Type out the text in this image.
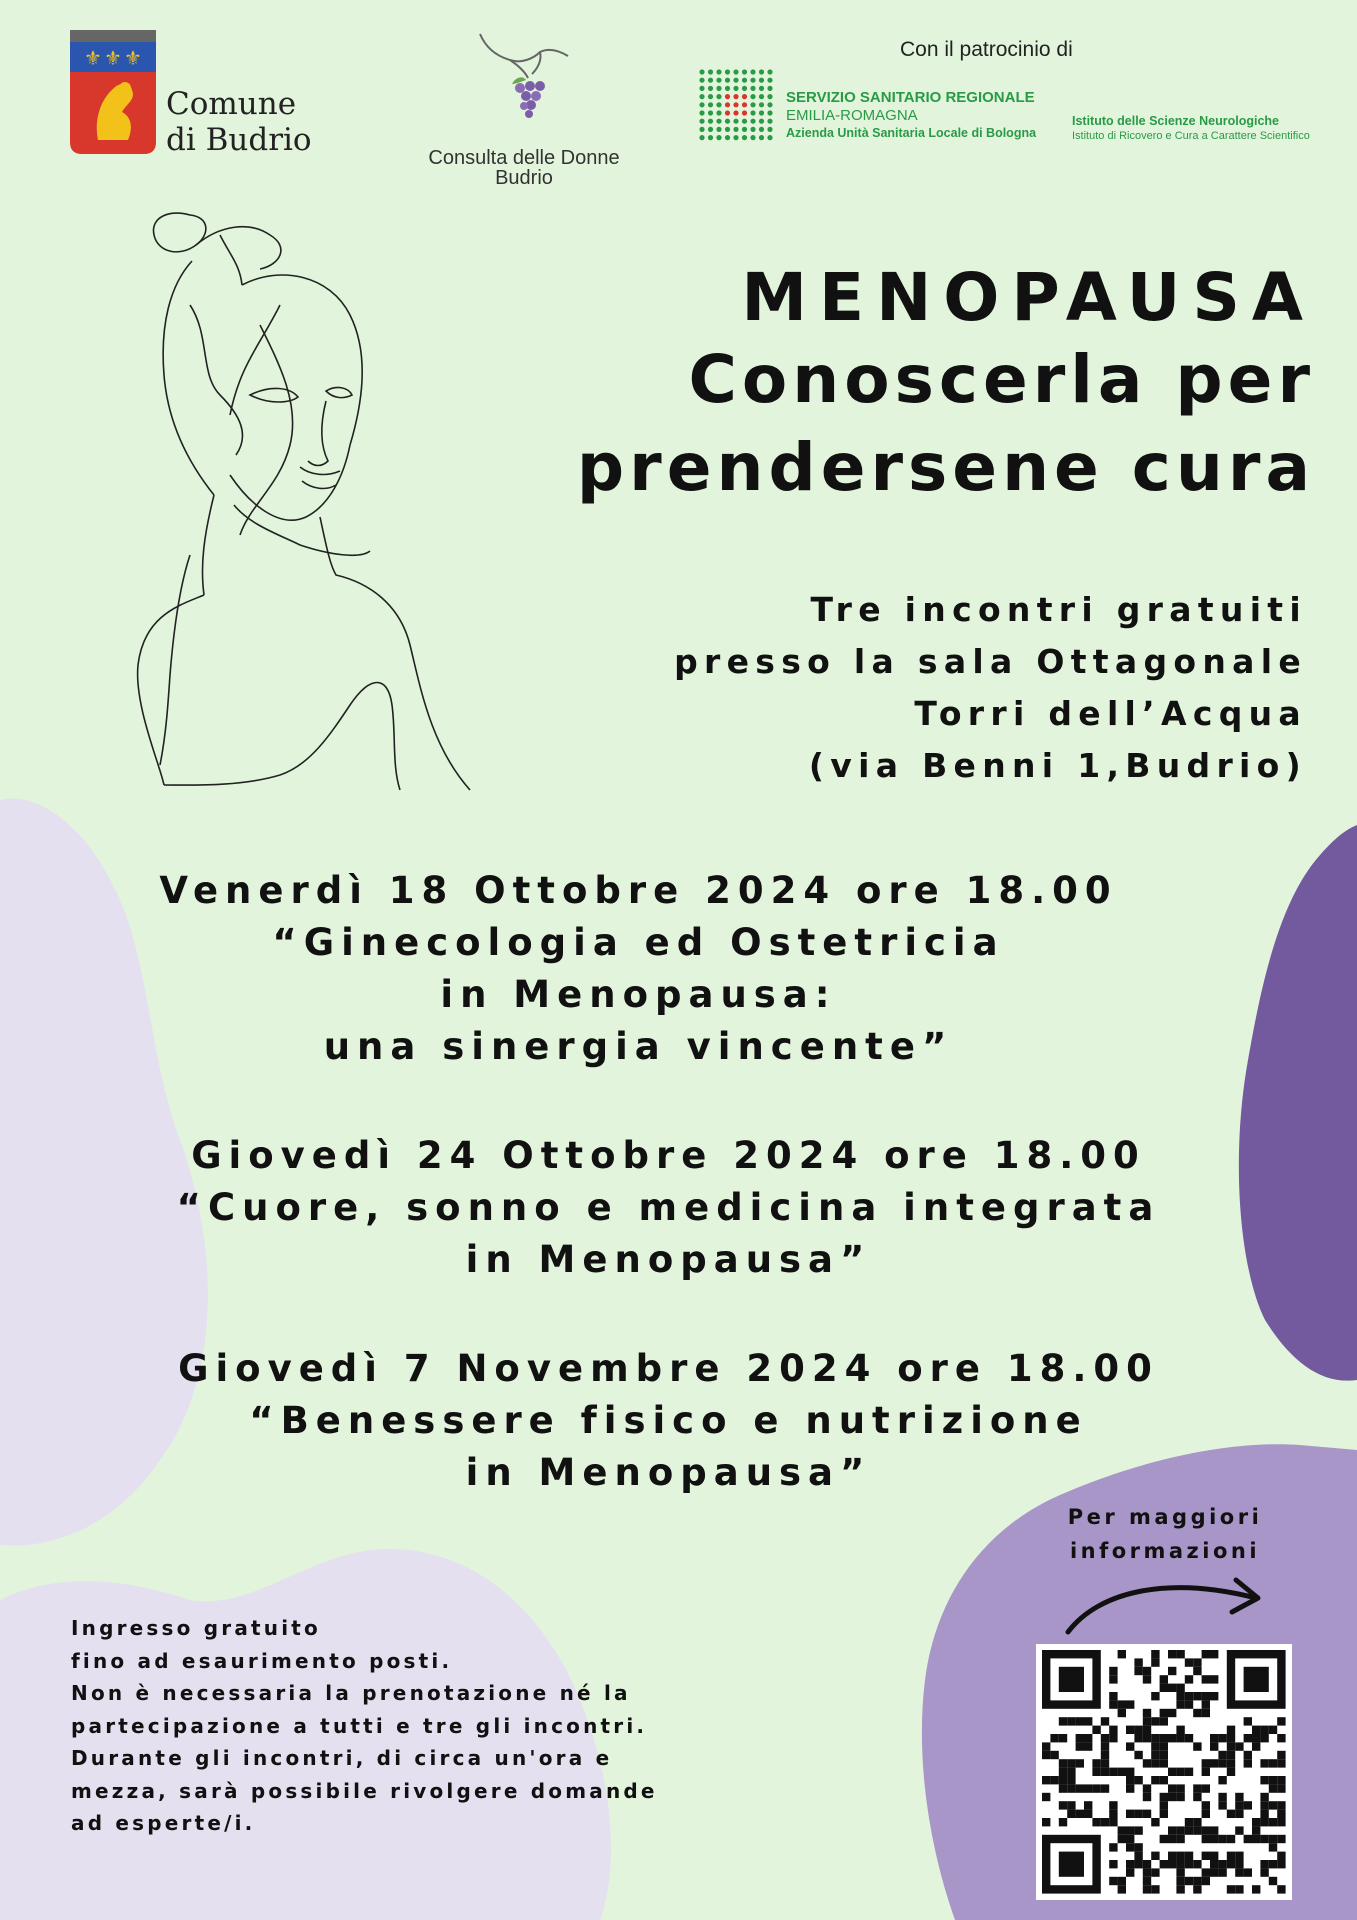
⚜ ⚜ ⚜
Comune
di Budrio	Consulta delle Donne
Budrio
Con il patrocinio di
SERVIZIO SANITARIO REGIONALE
EMILIA-ROMAGNA
Azienda Unità Sanitaria Locale di Bologna
Istituto delle Scienze Neurologiche
Istituto di Ricovero e Cura a Carattere Scientifico
MENOPAUSA
Conoscerla per
prendersene cura
Tre incontri gratuiti
presso la sala Ottagonale
Torri dell’Acqua
(via Benni 1,Budrio)
Venerdì 18 Ottobre 2024 ore 18.00
“Ginecologia ed Ostetricia
in Menopausa:
una sinergia vincente”
Giovedì 24 Ottobre 2024 ore 18.00
“Cuore, sonno e medicina integrata
in Menopausa”
Giovedì 7 Novembre 2024 ore 18.00
“Benessere fisico e nutrizione
in Menopausa”
Ingresso gratuito
fino ad esaurimento posti.
Non è necessaria la prenotazione né la
partecipazione a tutti e tre gli incontri.
Durante gli incontri, di circa un'ora e
mezza, sarà possibile rivolgere domande
ad esperte/i.
Per maggiori
informazioni
